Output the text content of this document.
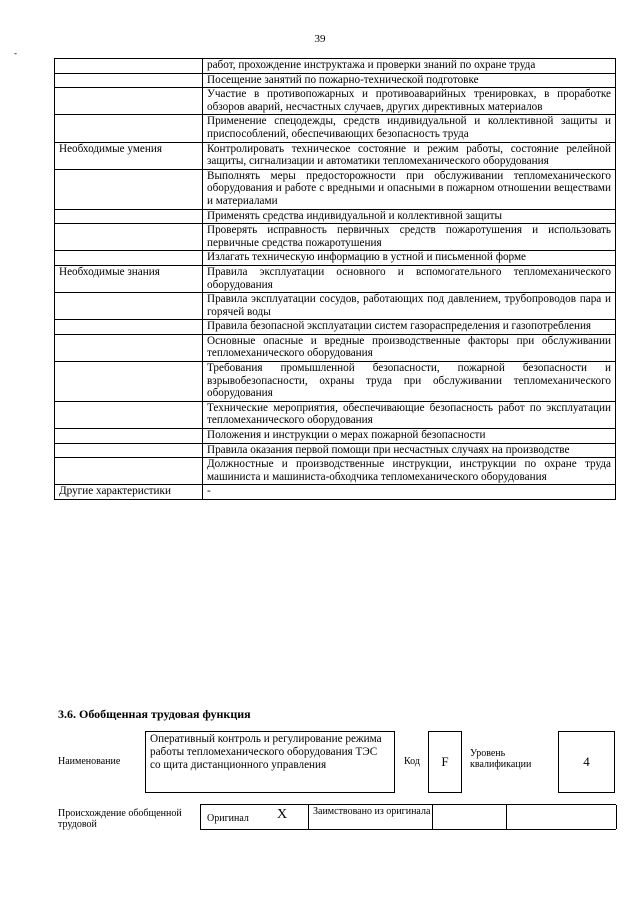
39
-
	работ, прохождение инструктажа и проверки знаний по охране труда
	Посещение занятий по пожарно-технической подготовке
	Участие в противопожарных и противоаварийных тренировках, в проработке обзоров аварий, несчастных случаев, других директивных материалов
	Применение спецодежды, средств индивидуальной и коллективной защиты и приспособлений, обеспечивающих безопасность труда
Необходимые умения	Контролировать техническое состояние и режим работы, состояние релейной защиты, сигнализации и автоматики тепломеханического оборудования
	Выполнять меры предосторожности при обслуживании тепломеханического оборудования и работе с вредными и опасными в пожарном отношении веществами и материалами
	Применять средства индивидуальной и коллективной защиты
	Проверять исправность первичных средств пожаротушения и использовать первичные средства пожаротушения
	Излагать техническую информацию в устной и письменной форме
Необходимые знания	Правила эксплуатации основного и вспомогательного тепломеханического оборудования
	Правила эксплуатации сосудов, работающих под давлением, трубопроводов пара и горячей воды
	Правила безопасной эксплуатации систем газораспределения и газопотребления
	Основные опасные и вредные производственные факторы при обслуживании тепломеханического оборудования
	Требования промышленной безопасности, пожарной безопасности и взрывобезопасности, охраны труда при обслуживании тепломеханического оборудования
	Технические мероприятия, обеспечивающие безопасность работ по эксплуатации тепломеханического оборудования
	Положения и инструкции о мерах пожарной безопасности
	Правила оказания первой помощи при несчастных случаях на производстве
	Должностные и производственные инструкции, инструкции по охране труда машиниста и машиниста-обходчика тепломеханического оборудования
Другие характеристики	-
3.6. Обобщенная трудовая функция
Наименование
Оперативный контроль и регулирование режима работы тепломеханического оборудования ТЭС со щита дистанционного управления	Код	F
Уровень квалификации	4
Происхождение обобщенной трудовой
Оригинал X	Заимствовано из оригинала
